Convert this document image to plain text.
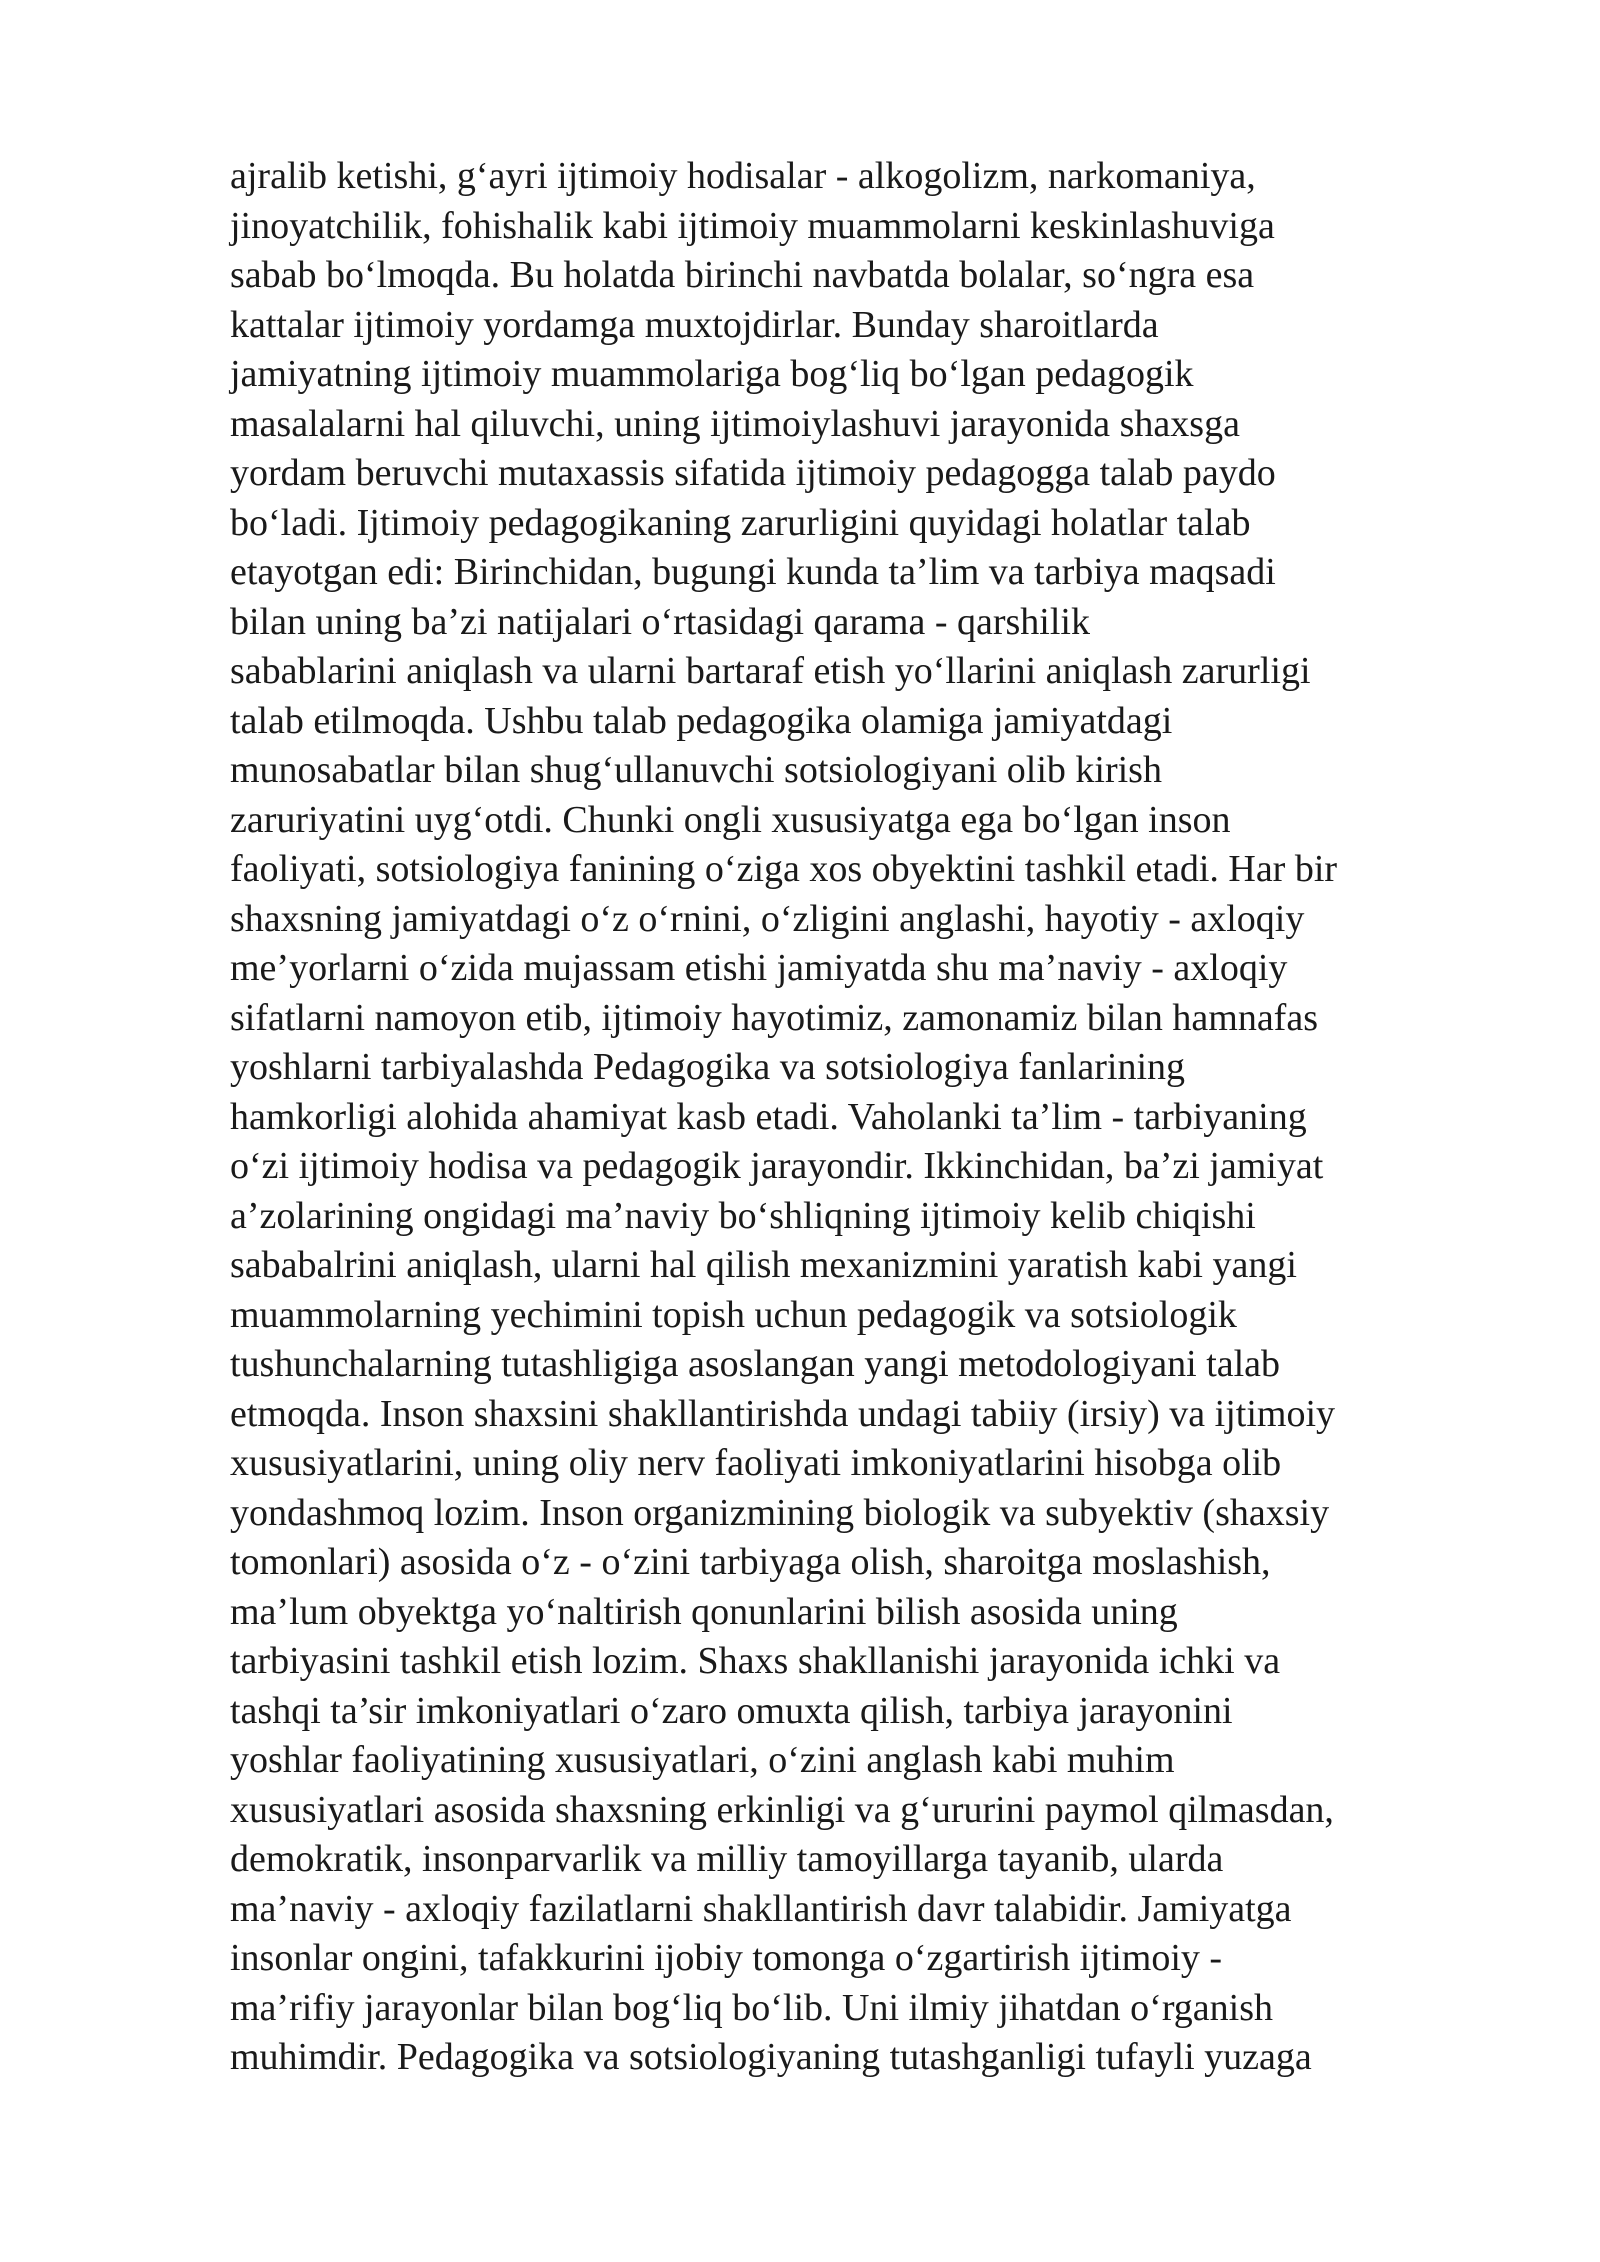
ajralib ketishi, g‘ayri ijtimoiy hodisalar - alkogolizm, narkomaniya,
jinoyatchilik, fohishalik kabi ijtimoiy muammolarni keskinlashuviga
sabab bo‘lmoqda. Bu holatda birinchi navbatda bolalar, so‘ngra esa
kattalar ijtimoiy yordamga muxtojdirlar. Bunday sharoitlarda
jamiyatning ijtimoiy muammolariga bog‘liq bo‘lgan pedagogik
masalalarni hal qiluvchi, uning ijtimoiylashuvi jarayonida shaxsga
yordam beruvchi mutaxassis sifatida ijtimoiy pedagogga talab paydo
bo‘ladi. Ijtimoiy pedagogikaning zarurligini quyidagi holatlar talab
etayotgan edi: Birinchidan, bugungi kunda ta’lim va tarbiya maqsadi
bilan uning ba’zi natijalari o‘rtasidagi qarama - qarshilik
sabablarini aniqlash va ularni bartaraf etish yo‘llarini aniqlash zarurligi
talab etilmoqda. Ushbu talab pedagogika olamiga jamiyatdagi
munosabatlar bilan shug‘ullanuvchi sotsiologiyani olib kirish
zaruriyatini uyg‘otdi. Chunki ongli xususiyatga ega bo‘lgan inson
faoliyati, sotsiologiya fanining o‘ziga xos obyektini tashkil etadi. Har bir
shaxsning jamiyatdagi o‘z o‘rnini, o‘zligini anglashi, hayotiy - axloqiy
me’yorlarni o‘zida mujassam etishi jamiyatda shu ma’naviy - axloqiy
sifatlarni namoyon etib, ijtimoiy hayotimiz, zamonamiz bilan hamnafas
yoshlarni tarbiyalashda Pedagogika va sotsiologiya fanlarining
hamkorligi alohida ahamiyat kasb etadi. Vaholanki ta’lim - tarbiyaning
o‘zi ijtimoiy hodisa va pedagogik jarayondir. Ikkinchidan, ba’zi jamiyat
a’zolarining ongidagi ma’naviy bo‘shliqning ijtimoiy kelib chiqishi
sababalrini aniqlash, ularni hal qilish mexanizmini yaratish kabi yangi
muammolarning yechimini topish uchun pedagogik va sotsiologik
tushunchalarning tutashligiga asoslangan yangi metodologiyani talab
etmoqda. Inson shaxsini shakllantirishda undagi tabiiy (irsiy) va ijtimoiy
xususiyatlarini, uning oliy nerv faoliyati imkoniyatlarini hisobga olib
yondashmoq lozim. Inson organizmining biologik va subyektiv (shaxsiy
tomonlari) asosida o‘z - o‘zini tarbiyaga olish, sharoitga moslashish,
ma’lum obyektga yo‘naltirish qonunlarini bilish asosida uning
tarbiyasini tashkil etish lozim. Shaxs shakllanishi jarayonida ichki va
tashqi ta’sir imkoniyatlari o‘zaro omuxta qilish, tarbiya jarayonini
yoshlar faoliyatining xususiyatlari, o‘zini anglash kabi muhim
xususiyatlari asosida shaxsning erkinligi va g‘ururini paymol qilmasdan,
demokratik, insonparvarlik va milliy tamoyillarga tayanib, ularda
ma’naviy - axloqiy fazilatlarni shakllantirish davr talabidir. Jamiyatga
insonlar ongini, tafakkurini ijobiy tomonga o‘zgartirish ijtimoiy -
ma’rifiy jarayonlar bilan bog‘liq bo‘lib. Uni ilmiy jihatdan o‘rganish
muhimdir. Pedagogika va sotsiologiyaning tutashganligi tufayli yuzaga
